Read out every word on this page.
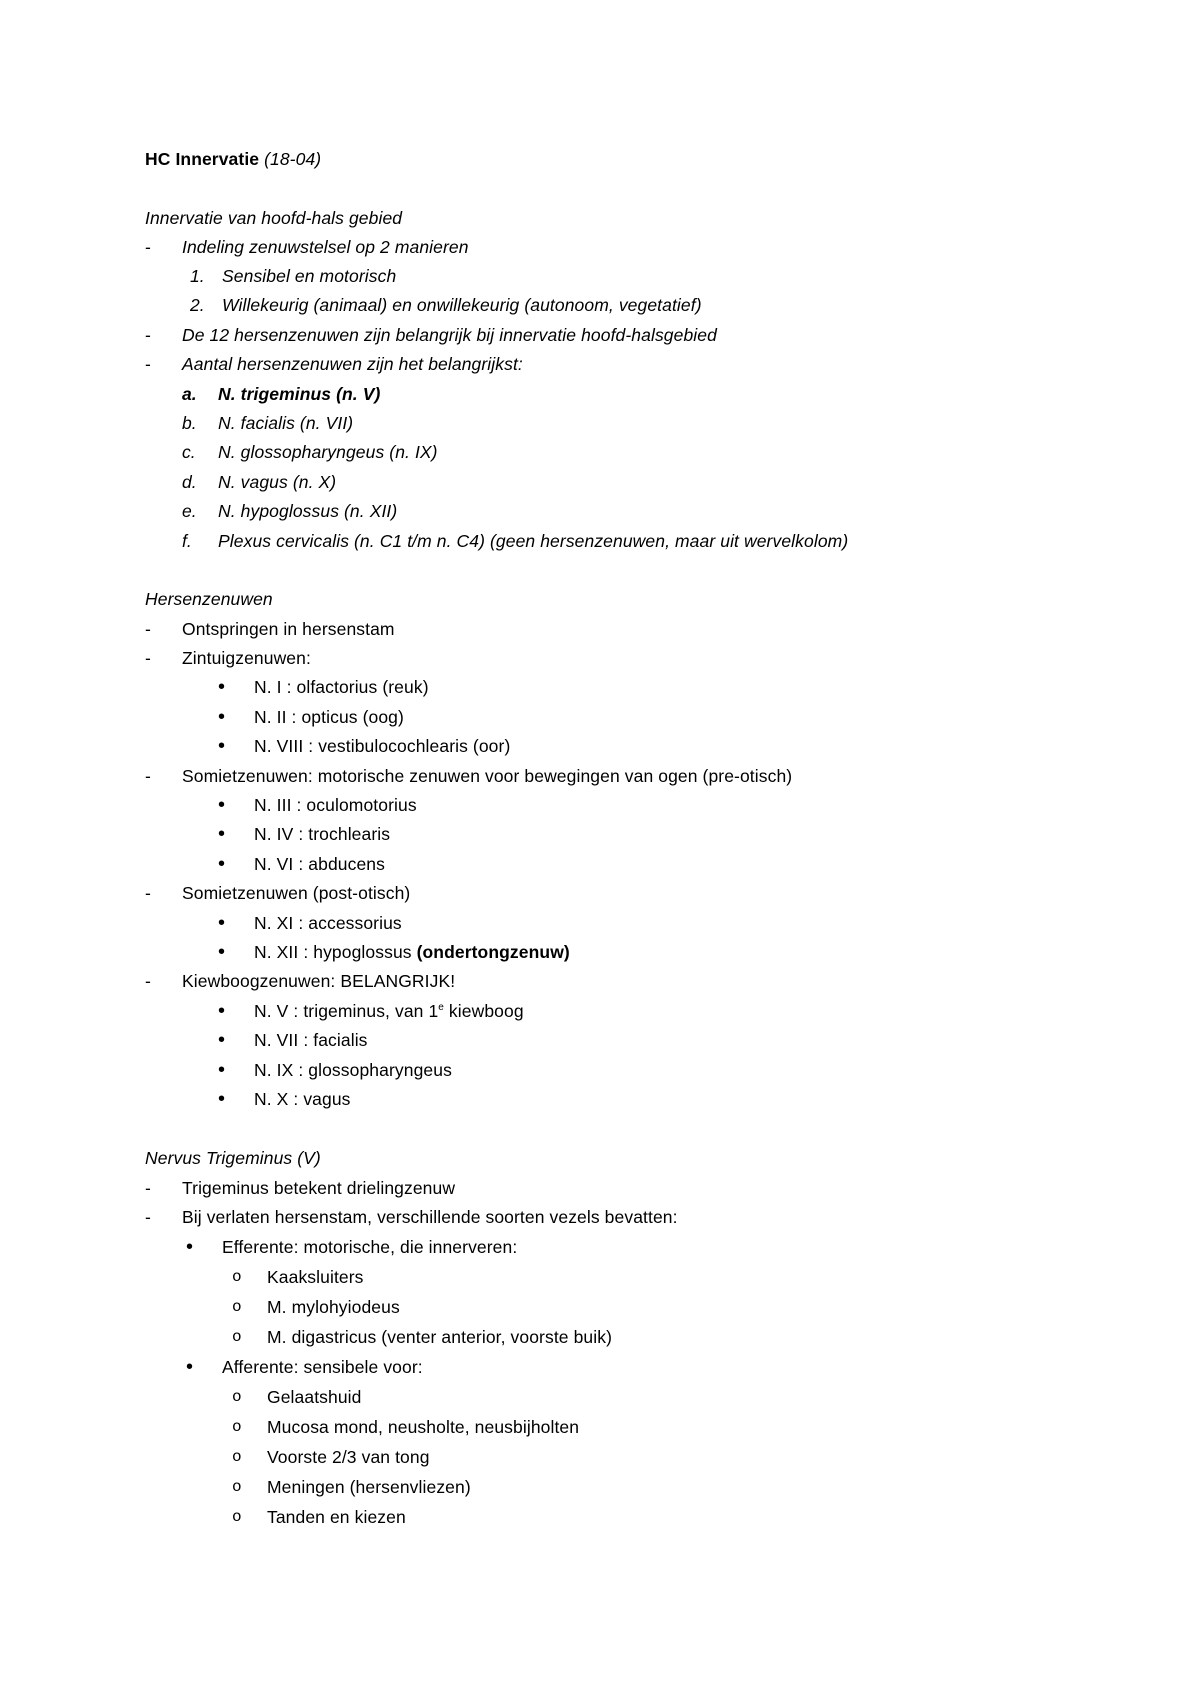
HC Innervatie (18-04)
Innervatie van hoofd-hals gebied
- Indeling zenuwstelsel op 2 manieren
1. Sensibel en motorisch
2. Willekeurig (animaal) en onwillekeurig (autonoom, vegetatief)
- De 12 hersenzenuwen zijn belangrijk bij innervatie hoofd-halsgebied
- Aantal hersenzenuwen zijn het belangrijkst:
a. N. trigeminus (n. V)
b. N. facialis (n. VII)
c. N. glossopharyngeus (n. IX)
d. N. vagus (n. X)
e. N. hypoglossus (n. XII)
f. Plexus cervicalis (n. C1 t/m n. C4) (geen hersenzenuwen, maar uit wervelkolom)
Hersenzenuwen
- Ontspringen in hersenstam
- Zintuigzenuwen:
• N. I : olfactorius (reuk)
• N. II : opticus (oog)
• N. VIII : vestibulocochlearis (oor)
- Somietzenuwen: motorische zenuwen voor bewegingen van ogen (pre-otisch)
• N. III : oculomotorius
• N. IV : trochlearis
• N. VI : abducens
- Somietzenuwen (post-otisch)
• N. XI : accessorius
• N. XII : hypoglossus (ondertongzenuw)
- Kiewboogzenuwen: BELANGRIJK!
• N. V : trigeminus, van 1e kiewboog
• N. VII : facialis
• N. IX : glossopharyngeus
• N. X : vagus
Nervus Trigeminus (V)
- Trigeminus betekent drielingzenuw
- Bij verlaten hersenstam, verschillende soorten vezels bevatten:
• Efferente: motorische, die innerveren:
o Kaaksluiters
o M. mylohyiodeus
o M. digastricus (venter anterior, voorste buik)
• Afferente: sensibele voor:
o Gelaatshuid
o Mucosa mond, neusholte, neusbijholten
o Voorste 2/3 van tong
o Meningen (hersenvliezen)
o Tanden en kiezen
